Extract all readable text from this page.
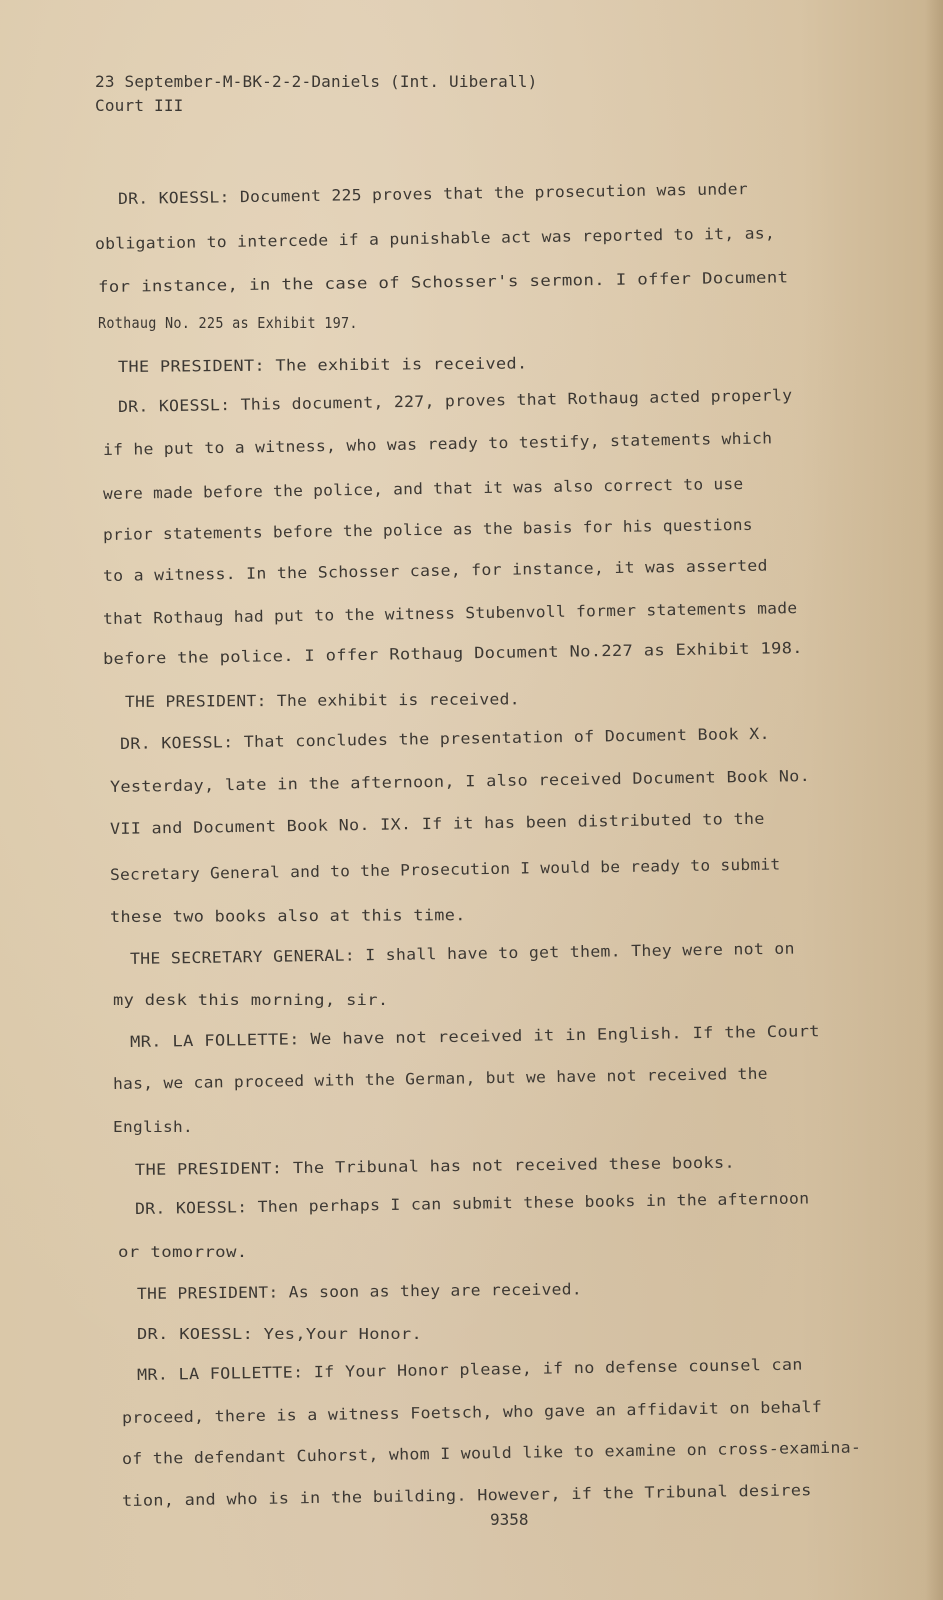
23 September-M-BK-2-2-Daniels (Int. Uiberall)
Court III
DR. KOESSL: Document 225 proves that the prosecution was under
obligation to intercede if a punishable act was reported to it, as,
for instance, in the case of Schosser's sermon. I offer Document
Rothaug No. 225 as Exhibit 197.
THE PRESIDENT: The exhibit is received.
DR. KOESSL: This document, 227, proves that Rothaug acted properly
if he put to a witness, who was ready to testify, statements which
were made before the police, and that it was also correct to use
prior statements before the police as the basis for his questions
to a witness. In the Schosser case, for instance, it was asserted
that Rothaug had put to the witness Stubenvoll former statements made
before the police. I offer Rothaug Document No.227 as Exhibit 198.
THE PRESIDENT: The exhibit is received.
DR. KOESSL: That concludes the presentation of Document Book X.
Yesterday, late in the afternoon, I also received Document Book No.
VII and Document Book No. IX. If it has been distributed to the
Secretary General and to the Prosecution I would be ready to submit
these two books also at this time.
THE SECRETARY GENERAL: I shall have to get them. They were not on
my desk this morning, sir.
MR. LA FOLLETTE: We have not received it in English. If the Court
has, we can proceed with the German, but we have not received the
English.
THE PRESIDENT: The Tribunal has not received these books.
DR. KOESSL: Then perhaps I can submit these books in the afternoon
or tomorrow.
THE PRESIDENT: As soon as they are received.
DR. KOESSL: Yes,Your Honor.
MR. LA FOLLETTE: If Your Honor please, if no defense counsel can
proceed, there is a witness Foetsch, who gave an affidavit on behalf
of the defendant Cuhorst, whom I would like to examine on cross-examina-
tion, and who is in the building. However, if the Tribunal desires
9358
